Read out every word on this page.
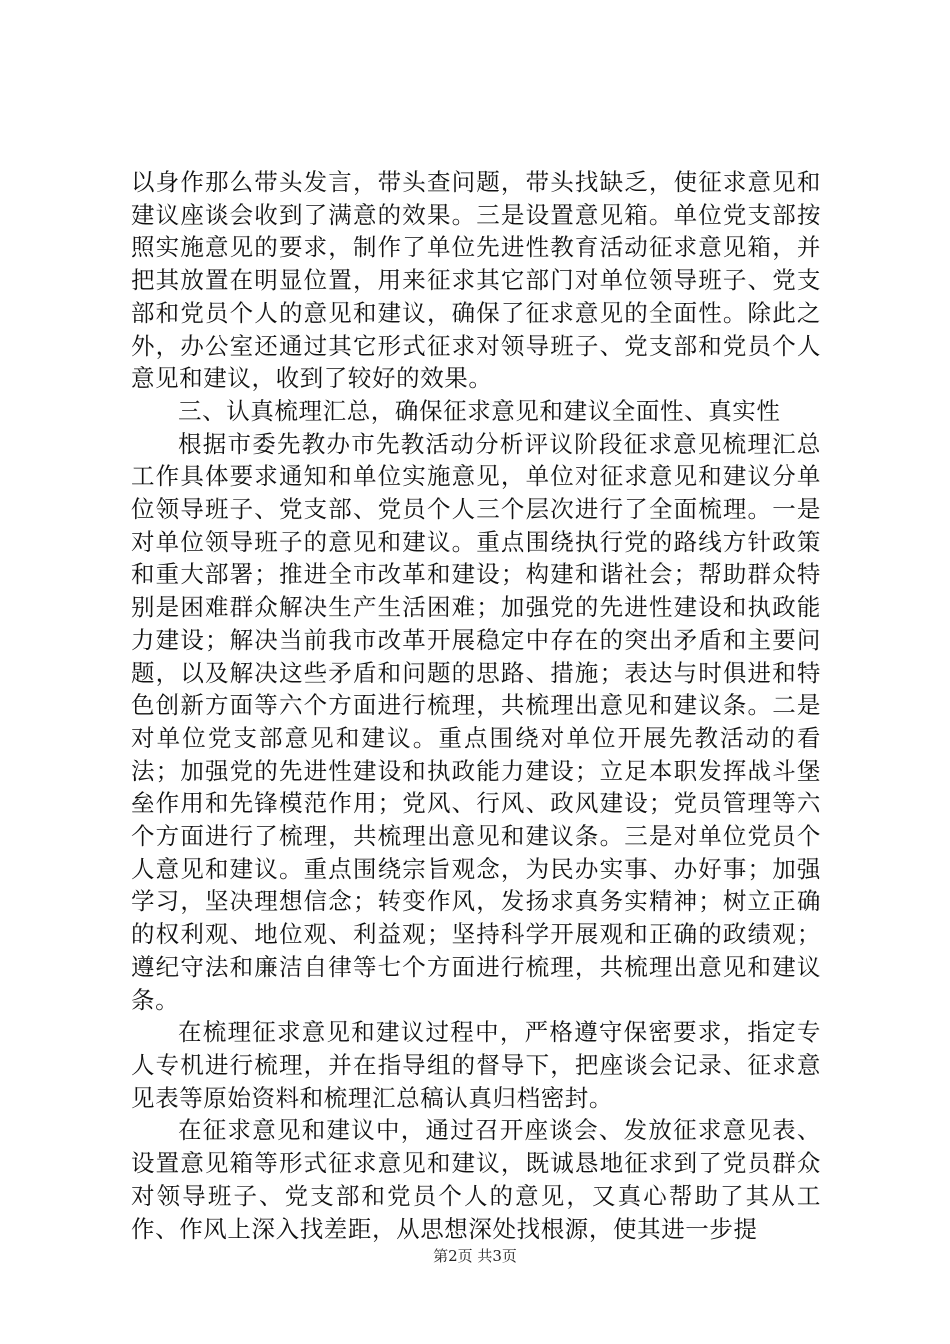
以身作那么带头发言，带头查问题，带头找缺乏，使征求意见和建议座谈会收到了满意的效果。三是设置意见箱。单位党支部按照实施意见的要求，制作了单位先进性教育活动征求意见箱，并把其放置在明显位置，用来征求其它部门对单位领导班子、党支部和党员个人的意见和建议，确保了征求意见的全面性。除此之外，办公室还通过其它形式征求对领导班子、党支部和党员个人意见和建议，收到了较好的效果。

三、认真梳理汇总，确保征求意见和建议全面性、真实性

根据市委先教办市先教活动分析评议阶段征求意见梳理汇总工作具体要求通知和单位实施意见，单位对征求意见和建议分单位领导班子、党支部、党员个人三个层次进行了全面梳理。一是对单位领导班子的意见和建议。重点围绕执行党的路线方针政策和重大部署；推进全市改革和建设；构建和谐社会；帮助群众特别是困难群众解决生产生活困难；加强党的先进性建设和执政能力建设；解决当前我市改革开展稳定中存在的突出矛盾和主要问题，以及解决这些矛盾和问题的思路、措施；表达与时俱进和特色创新方面等六个方面进行梳理，共梳理出意见和建议条。二是对单位党支部意见和建议。重点围绕对单位开展先教活动的看法；加强党的先进性建设和执政能力建设；立足本职发挥战斗堡垒作用和先锋模范作用；党风、行风、政风建设；党员管理等六个方面进行了梳理，共梳理出意见和建议条。三是对单位党员个人意见和建议。重点围绕宗旨观念，为民办实事、办好事；加强学习，坚决理想信念；转变作风，发扬求真务实精神；树立正确的权利观、地位观、利益观；坚持科学开展观和正确的政绩观；遵纪守法和廉洁自律等七个方面进行梳理，共梳理出意见和建议条。

在梳理征求意见和建议过程中，严格遵守保密要求，指定专人专机进行梳理，并在指导组的督导下，把座谈会记录、征求意见表等原始资料和梳理汇总稿认真归档密封。

在征求意见和建议中，通过召开座谈会、发放征求意见表、设置意见箱等形式征求意见和建议，既诚恳地征求到了党员群众对领导班子、党支部和党员个人的意见，又真心帮助了其从工作、作风上深入找差距，从思想深处找根源，使其进一步提

第2页 共3页
